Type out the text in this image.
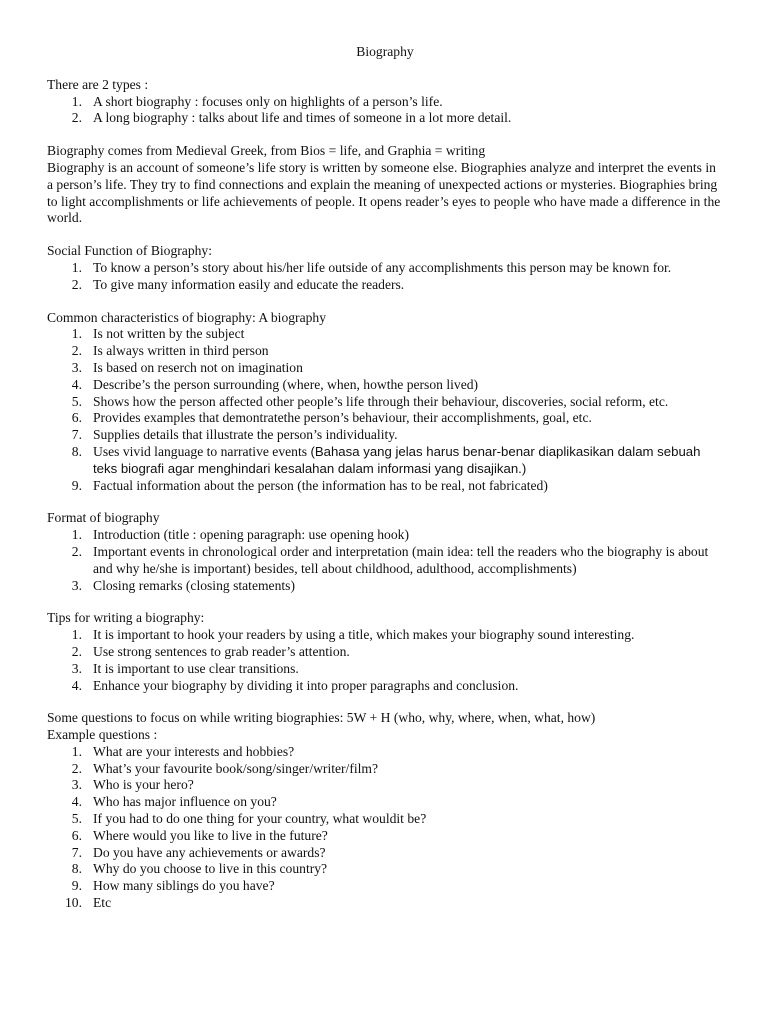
Biography

There are 2 types :

1. A short biography : focuses only on highlights of a person’s life.
2. A long biography : talks about life and times of someone in a lot more detail.

Biography comes from Medieval Greek, from Bios = life, and Graphia = writing

Biography is an account of someone’s life story is written by someone else. Biographies analyze and interpret the events in a person’s life. They try to find connections and explain the meaning of unexpected actions or mysteries. Biographies bring to light accomplishments or life achievements of people. It opens reader’s eyes to people who have made a difference in the world.

Social Function of Biography:

1. To know a person’s story about his/her life outside of any accomplishments this person may be known for.
2. To give many information easily and educate the readers.

Common characteristics of biography: A biography

1. Is not written by the subject
2. Is always written in third person
3. Is based on reserch not on imagination
4. Describe’s the person surrounding (where, when, howthe person lived)
5. Shows how the person affected other people’s life through their behaviour, discoveries, social reform, etc.
6. Provides examples that demontratethe person’s behaviour, their accomplishments, goal, etc.
7. Supplies details that illustrate the person’s individuality.
8. Uses vivid language to narrative events (Bahasa yang jelas harus benar-benar diaplikasikan dalam sebuah teks biografi agar menghindari kesalahan dalam informasi yang disajikan.)
9. Factual information about the person (the information has to be real, not fabricated)

Format of biography

1. Introduction (title : opening paragraph: use opening hook)
2. Important events in chronological order and interpretation (main idea: tell the readers who the biography is about and why he/she is important) besides, tell about childhood, adulthood, accomplishments)
3. Closing remarks (closing statements)

Tips for writing a biography:

1. It is important to hook your readers by using a title, which makes your biography sound interesting.
2. Use strong sentences to grab reader’s attention.
3. It is important to use clear transitions.
4. Enhance your biography by dividing it into proper paragraphs and conclusion.

Some questions to focus on while writing biographies: 5W + H (who, why, where, when, what, how)

Example questions :

1. What are your interests and hobbies?
2. What’s your favourite book/song/singer/writer/film?
3. Who is your hero?
4. Who has major influence on you?
5. If you had to do one thing for your country, what wouldit be?
6. Where would you like to live in the future?
7. Do you have any achievements or awards?
8. Why do you choose to live in this country?
9. How many siblings do you have?
10. Etc
